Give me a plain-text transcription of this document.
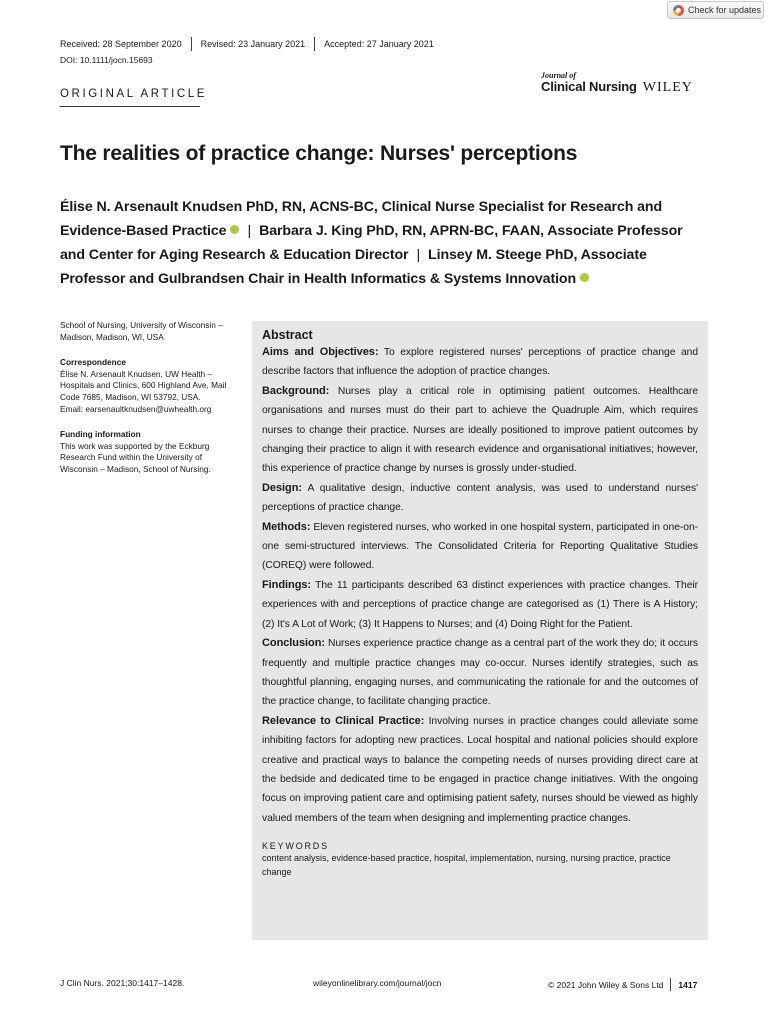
Check for updates
Received: 28 September 2020 Revised: 23 January 2021 Accepted: 27 January 2021
DOI: 10.1111/jocn.15693
Journal of
Clinical Nursing WILEY
ORIGINAL ARTICLE
The realities of practice change: Nurses' perceptions
Élise N. Arsenault Knudsen PhD, RN, ACNS-BC, Clinical Nurse Specialist for Research and
Evidence-Based Practice | Barbara J. King PhD, RN, APRN-BC, FAAN, Associate Professor
and Center for Aging Research & Education Director | Linsey M. Steege PhD, Associate
Professor and Gulbrandsen Chair in Health Informatics & Systems Innovation
School of Nursing, University of Wisconsin – Madison, Madison, WI, USA
Correspondence
Élise N. Arsenault Knudsen, UW Health – Hospitals and Clinics, 600 Highland Ave, Mail Code 7685, Madison, WI 53792, USA.
Email: earsenaultknudsen@uwhealth.org
Funding information
This work was supported by the Eckburg Research Fund within the University of Wisconsin – Madison, School of Nursing.
Abstract
Aims and Objectives: To explore registered nurses' perceptions of practice change and describe factors that influence the adoption of practice changes.
Background: Nurses play a critical role in optimising patient outcomes. Healthcare organisations and nurses must do their part to achieve the Quadruple Aim, which requires nurses to change their practice. Nurses are ideally positioned to improve patient outcomes by changing their practice to align it with research evidence and organisational initiatives; however, this experience of practice change by nurses is grossly under-studied.
Design: A qualitative design, inductive content analysis, was used to understand nurses' perceptions of practice change.
Methods: Eleven registered nurses, who worked in one hospital system, participated in one-on-one semi-structured interviews. The Consolidated Criteria for Reporting Qualitative Studies (COREQ) were followed.
Findings: The 11 participants described 63 distinct experiences with practice changes. Their experiences with and perceptions of practice change are categorised as (1) There is A History; (2) It's A Lot of Work; (3) It Happens to Nurses; and (4) Doing Right for the Patient.
Conclusion: Nurses experience practice change as a central part of the work they do; it occurs frequently and multiple practice changes may co-occur. Nurses identify strategies, such as thoughtful planning, engaging nurses, and communicating the rationale for and the outcomes of the practice change, to facilitate changing practice.
Relevance to Clinical Practice: Involving nurses in practice changes could alleviate some inhibiting factors for adopting new practices. Local hospital and national policies should explore creative and practical ways to balance the competing needs of nurses providing direct care at the bedside and dedicated time to be engaged in practice change initiatives. With the ongoing focus on improving patient care and optimising patient safety, nurses should be viewed as highly valued members of the team when designing and implementing practice changes.
KEYWORDS
content analysis, evidence-based practice, hospital, implementation, nursing, nursing practice, practice change
J Clin Nurs. 2021;30:1417–1428.	wileyonlinelibrary.com/journal/jocn	© 2021 John Wiley & Sons Ltd 1417
